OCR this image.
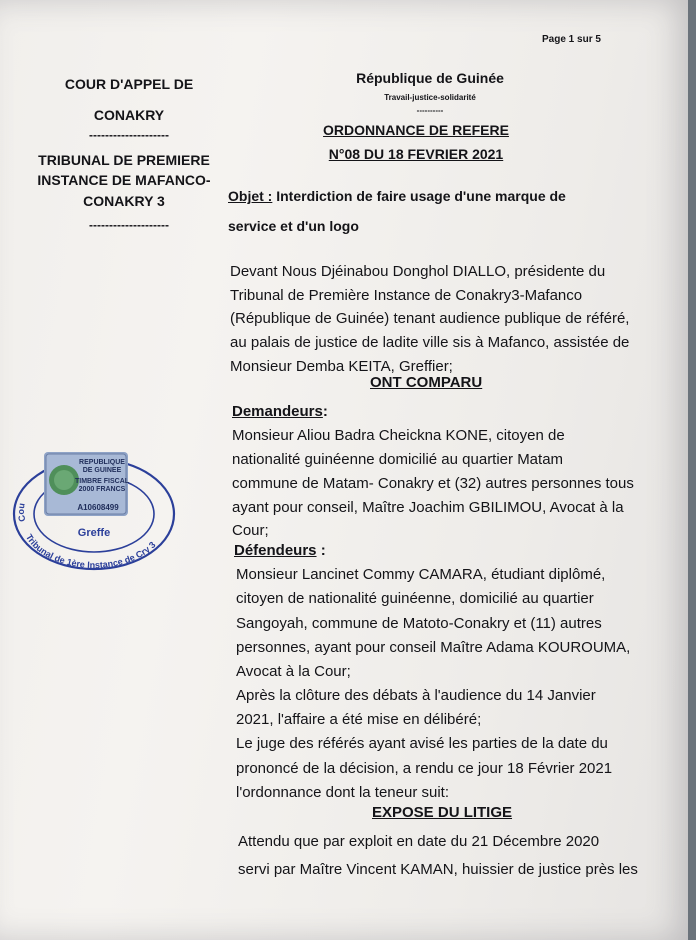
Page 1 sur 5
COUR D'APPEL DE
CONAKRY
--------------------
TRIBUNAL DE PREMIERE
INSTANCE DE MAFANCO-
CONAKRY 3
--------------------
République de Guinée
Travail-justice-solidarité
----------
ORDONNANCE DE REFERE
N°08 DU 18 FEVRIER 2021
Objet : Interdiction de faire usage d'une marque de
service et d'un logo
Devant Nous Djéinabou Donghol DIALLO, présidente du
Tribunal de Première Instance de Conakry3-Mafanco
(République de Guinée) tenant audience publique de référé,
au palais de justice de ladite ville sis à Mafanco, assistée de
Monsieur Demba KEITA, Greffier;
ONT COMPARU
Demandeurs:
Monsieur Aliou Badra Cheickna KONE, citoyen de
nationalité guinéenne domicilié au quartier Matam
commune de Matam- Conakry et (32) autres personnes tous
ayant pour conseil, Maître Joachim GBILIMOU, Avocat à la
Cour;
Défendeurs :
Monsieur Lancinet Commy CAMARA, étudiant diplômé,
citoyen de nationalité guinéenne, domicilié au quartier
Sangoyah, commune de Matoto-Conakry et (11) autres
personnes, ayant pour conseil Maître Adama KOUROUMA,
Avocat à la Cour;
Après la clôture des débats à l'audience du 14 Janvier
2021, l'affaire a été mise en délibéré;
Le juge des référés ayant avisé les parties de la date du
prononcé de la décision, a rendu ce jour 18 Février 2021
l'ordonnance dont la teneur suit:
EXPOSE DU LITIGE
Attendu que par exploit en date du 21 Décembre 2020
servi par Maître Vincent KAMAN, huissier de justice près les
Tribunal de 1ère Instance de Cry 3
Cou
REPUBLIQUE
DE GUINEE
TIMBRE FISCAL
2000 FRANCS
A10608499
Greffe
